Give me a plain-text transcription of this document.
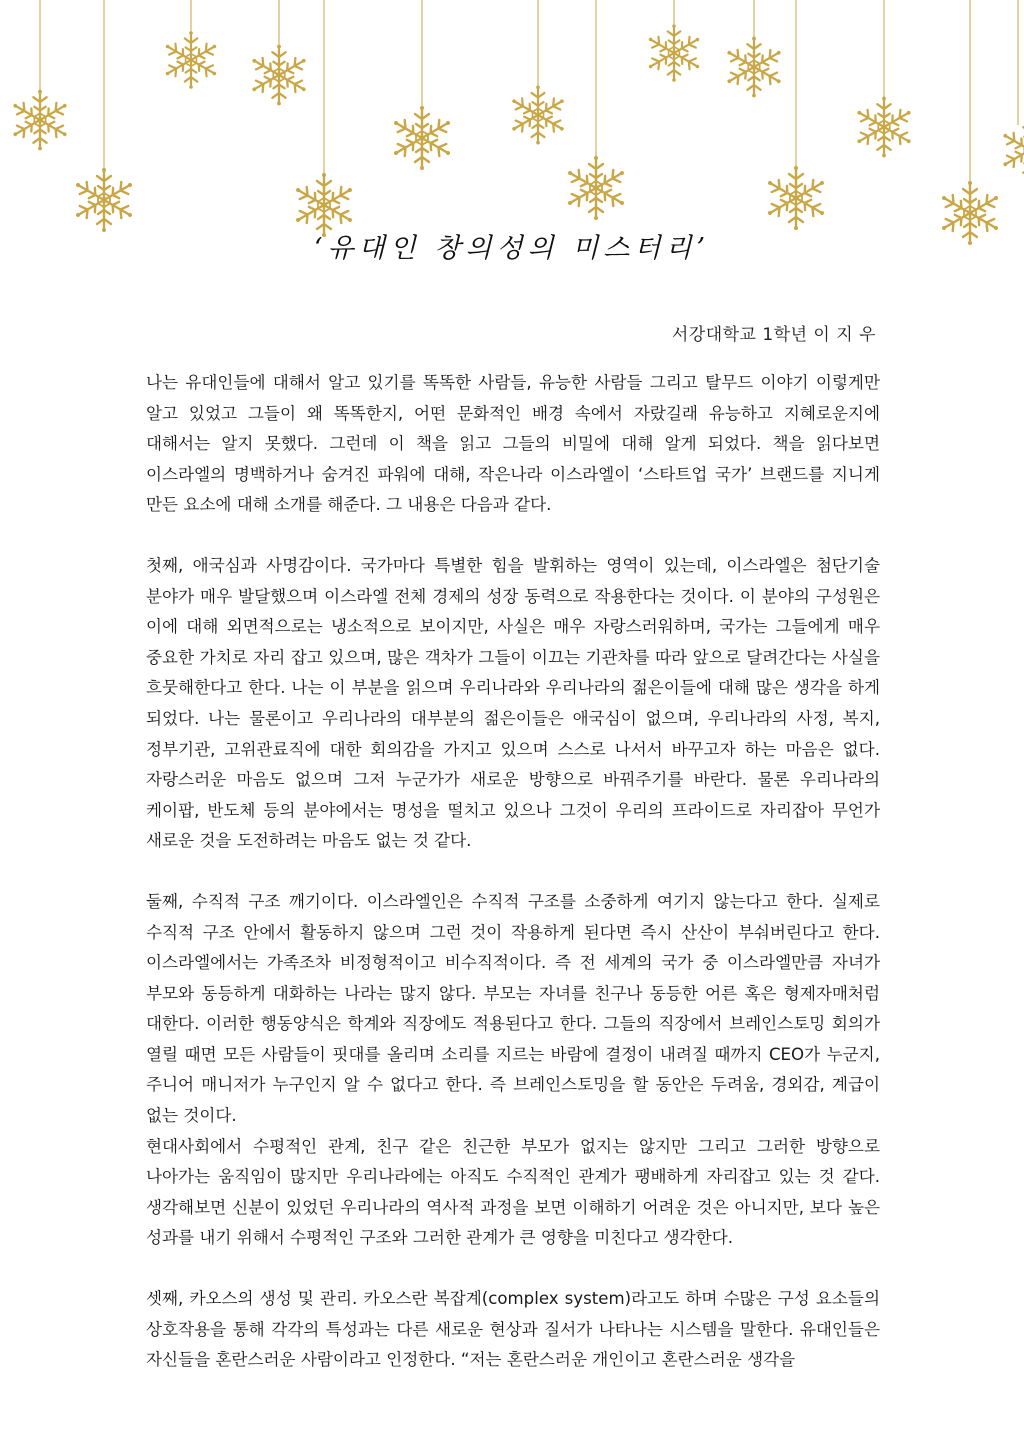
‘유대인 창의성의 미스터리’
서강대학교 1학년 이 지 우

나는 유대인들에 대해서 알고 있기를 똑똑한 사람들, 유능한 사람들 그리고 탈무드 이야기 이렇게만 알고 있었고 그들이 왜 똑똑한지, 어떤 문화적인 배경 속에서 자랐길래 유능하고 지혜로운지에 대해서는 알지 못했다. 그런데 이 책을 읽고 그들의 비밀에 대해 알게 되었다. 책을 읽다보면 이스라엘의 명백하거나 숨겨진 파워에 대해, 작은나라 이스라엘이 ‘스타트업 국가’ 브랜드를 지니게 만든 요소에 대해 소개를 해준다. 그 내용은 다음과 같다.

첫째, 애국심과 사명감이다. 국가마다 특별한 힘을 발휘하는 영역이 있는데, 이스라엘은 첨단기술 분야가 매우 발달했으며 이스라엘 전체 경제의 성장 동력으로 작용한다는 것이다. 이 분야의 구성원은 이에 대해 외면적으로는 냉소적으로 보이지만, 사실은 매우 자랑스러워하며, 국가는 그들에게 매우 중요한 가치로 자리 잡고 있으며, 많은 객차가 그들이 이끄는 기관차를 따라 앞으로 달려간다는 사실을 흐뭇해한다고 한다. 나는 이 부분을 읽으며 우리나라와 우리나라의 젊은이들에 대해 많은 생각을 하게 되었다. 나는 물론이고 우리나라의 대부분의 젊은이들은 애국심이 없으며, 우리나라의 사정, 복지, 정부기관, 고위관료직에 대한 회의감을 가지고 있으며 스스로 나서서 바꾸고자 하는 마음은 없다. 자랑스러운 마음도 없으며 그저 누군가가 새로운 방향으로 바꿔주기를 바란다. 물론 우리나라의 케이팝, 반도체 등의 분야에서는 명성을 떨치고 있으나 그것이 우리의 프라이드로 자리잡아 무언가 새로운 것을 도전하려는 마음도 없는 것 같다.

둘째, 수직적 구조 깨기이다. 이스라엘인은 수직적 구조를 소중하게 여기지 않는다고 한다. 실제로 수직적 구조 안에서 활동하지 않으며 그런 것이 작용하게 된다면 즉시 산산이 부숴버린다고 한다. 이스라엘에서는 가족조차 비정형적이고 비수직적이다. 즉 전 세계의 국가 중 이스라엘만큼 자녀가 부모와 동등하게 대화하는 나라는 많지 않다. 부모는 자녀를 친구나 동등한 어른 혹은 형제자매처럼 대한다. 이러한 행동양식은 학계와 직장에도 적용된다고 한다. 그들의 직장에서 브레인스토밍 회의가 열릴 때면 모든 사람들이 핏대를 올리며 소리를 지르는 바람에 결정이 내려질 때까지 CEO가 누군지, 주니어 매니저가 누구인지 알 수 없다고 한다. 즉 브레인스토밍을 할 동안은 두려움, 경외감, 계급이 없는 것이다.

현대사회에서 수평적인 관계, 친구 같은 친근한 부모가 없지는 않지만 그리고 그러한 방향으로 나아가는 움직임이 많지만 우리나라에는 아직도 수직적인 관계가 팽배하게 자리잡고 있는 것 같다. 생각해보면 신분이 있었던 우리나라의 역사적 과정을 보면 이해하기 어려운 것은 아니지만, 보다 높은 성과를 내기 위해서 수평적인 구조와 그러한 관계가 큰 영향을 미친다고 생각한다.

셋째, 카오스의 생성 및 관리. 카오스란 복잡계(complex system)라고도 하며 수많은 구성 요소들의 상호작용을 통해 각각의 특성과는 다른 새로운 현상과 질서가 나타나는 시스템을 말한다. 유대인들은 자신들을 혼란스러운 사람이라고 인정한다. “저는 혼란스러운 개인이고 혼란스러운 생각을
